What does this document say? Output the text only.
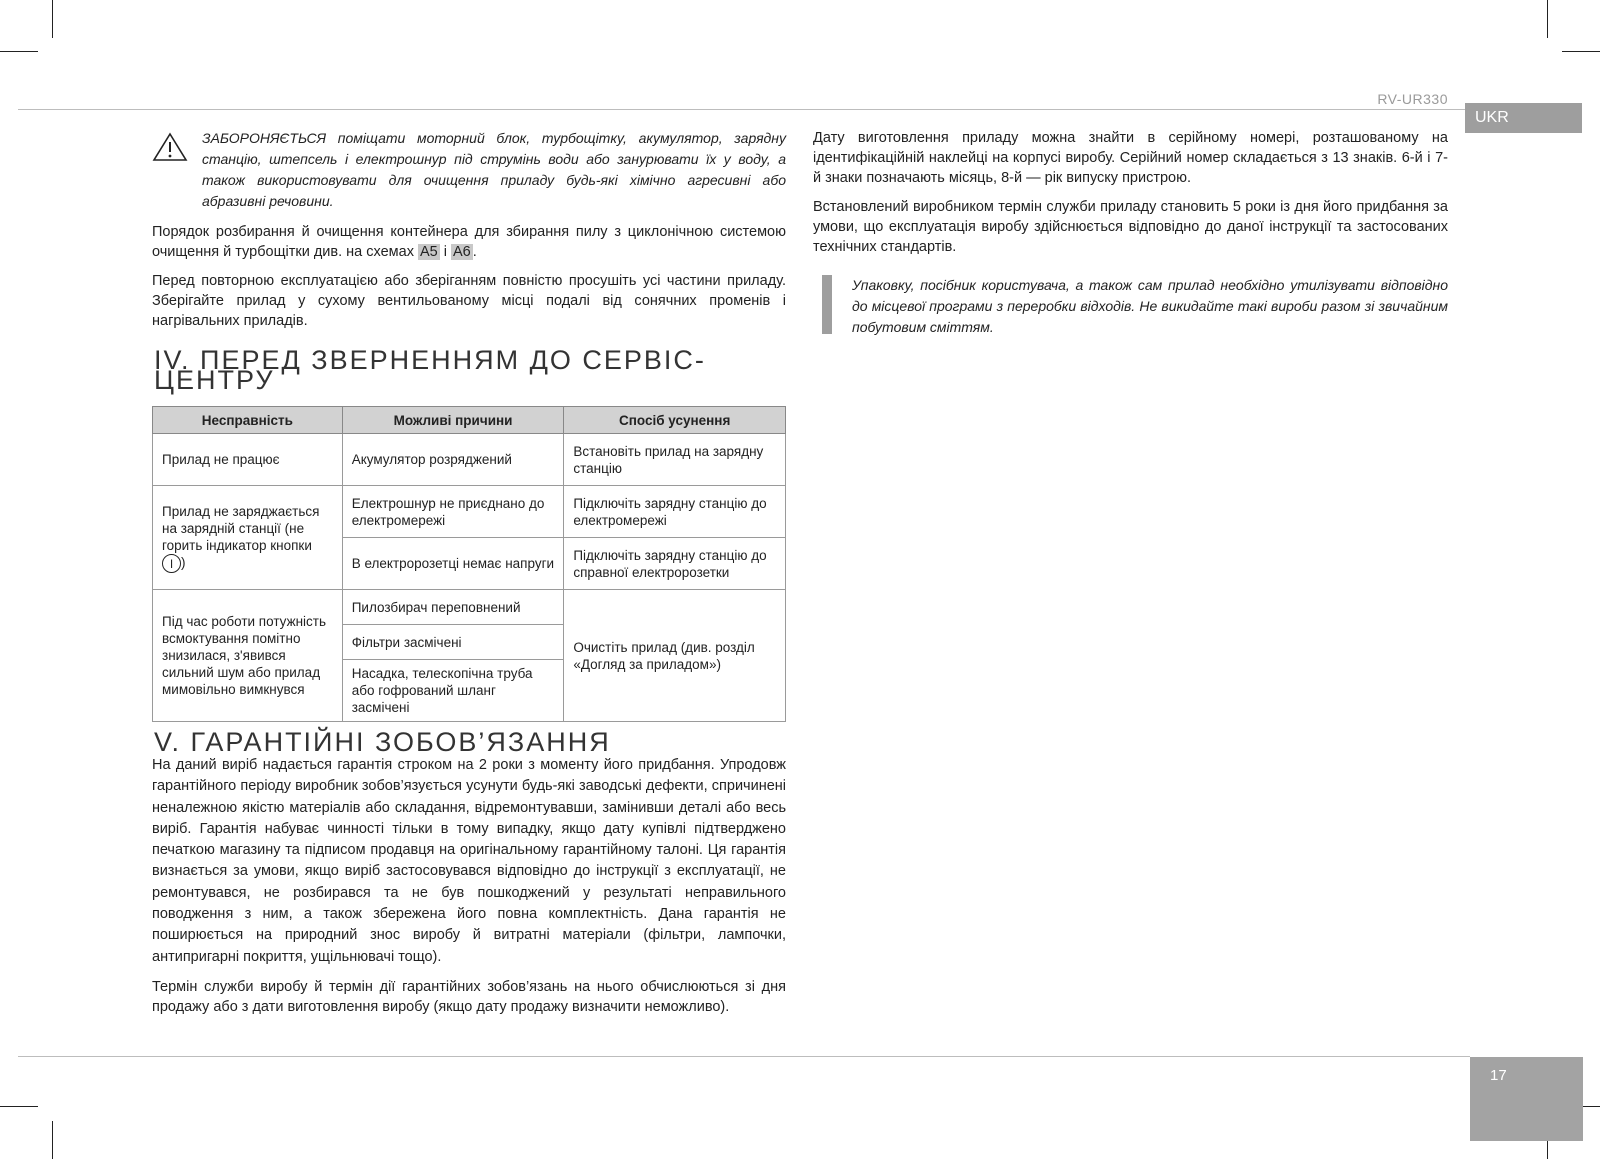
RV-UR330
UKR
ЗАБОРОНЯЄТЬСЯ поміщати моторний блок, турбощітку, акумулятор, зарядну станцію, штепсель і електрошнур під струмінь води або занурювати їх у воду, а також використовувати для очищення приладу будь-які хімічно агресивні або абразивні речовини.

Порядок розбирання й очищення контейнера для збирання пилу з циклонічною системою очищення й турбощітки див. на схемах A5 і A6 .

Перед повторною експлуатацією або зберіганням повністю просушіть усі частини приладу. Зберігайте прилад у сухому вентильованому місці подалі від сонячних променів і нагрівальних приладів.

IV. ПЕРЕД ЗВЕРНЕННЯМ ДО СЕРВІС-ЦЕНТРУ
Несправність	Можливі причини	Спосіб усунення
Прилад не працює	Акумулятор розряджений	Встановіть прилад на зарядну станцію
Прилад не заряджається на зарядній станції (не горить індикатор кнопки I )	Електрошнур не приєднано до електромережі	Підключіть зарядну станцію до електромережі
	В електророзетці немає напруги	Підключіть зарядну станцію до справної електророзетки
Під час роботи потужність всмоктування помітно знизилася, з'явився сильний шум або прилад мимовільно вимкнувся	Пилозбирач переповнений	Очистіть прилад (див. розділ «Догляд за приладом»)
	Фільтри засмічені	
	Насадка, телескопічна труба або гофрований шланг засмічені	
V. ГАРАНТІЙНІ ЗОБОВ’ЯЗАННЯ

На даний виріб надається гарантія строком на 2 роки з моменту його придбання. Упродовж гарантійного періоду виробник зобов’язується усунути будь-які заводські дефекти, спричинені неналежною якістю матеріалів або складання, відремонтувавши, замінивши деталі або весь виріб. Гарантія набуває чинності тільки в тому випадку, якщо дату купівлі підтверджено печаткою магазину та підписом продавця на оригінальному гарантійному талоні. Ця гарантія визнається за умови, якщо виріб застосовувався відповідно до інструкції з експлуатації, не ремонтувався, не розбирався та не був пошкоджений у результаті неправильного поводження з ним, а також збережена його повна комплектність. Дана гарантія не поширюється на природний знос виробу й витратні матеріали (фільтри, лампочки, антипригарні покриття, ущільнювачі тощо).

Термін служби виробу й термін дії гарантійних зобов’язань на нього обчислюються зі дня продажу або з дати виготовлення виробу (якщо дату продажу визначити неможливо).

Дату виготовлення приладу можна знайти в серійному номері, розташованому на ідентифікаційній наклейці на корпусі виробу. Серійний номер складається з 13 знаків. 6-й і 7-й знаки позначають місяць, 8-й — рік випуску пристрою.

Встановлений виробником термін служби приладу становить 5 роки із дня його придбання за умови, що експлуатація виробу здійснюється відповідно до даної інструкції та застосованих технічних стандартів.

Упаковку, посібник користувача, а також сам прилад необхідно утилізувати відповідно до місцевої програми з переробки відходів. Не викидайте такі вироби разом зі звичайним побутовим сміттям.
17
